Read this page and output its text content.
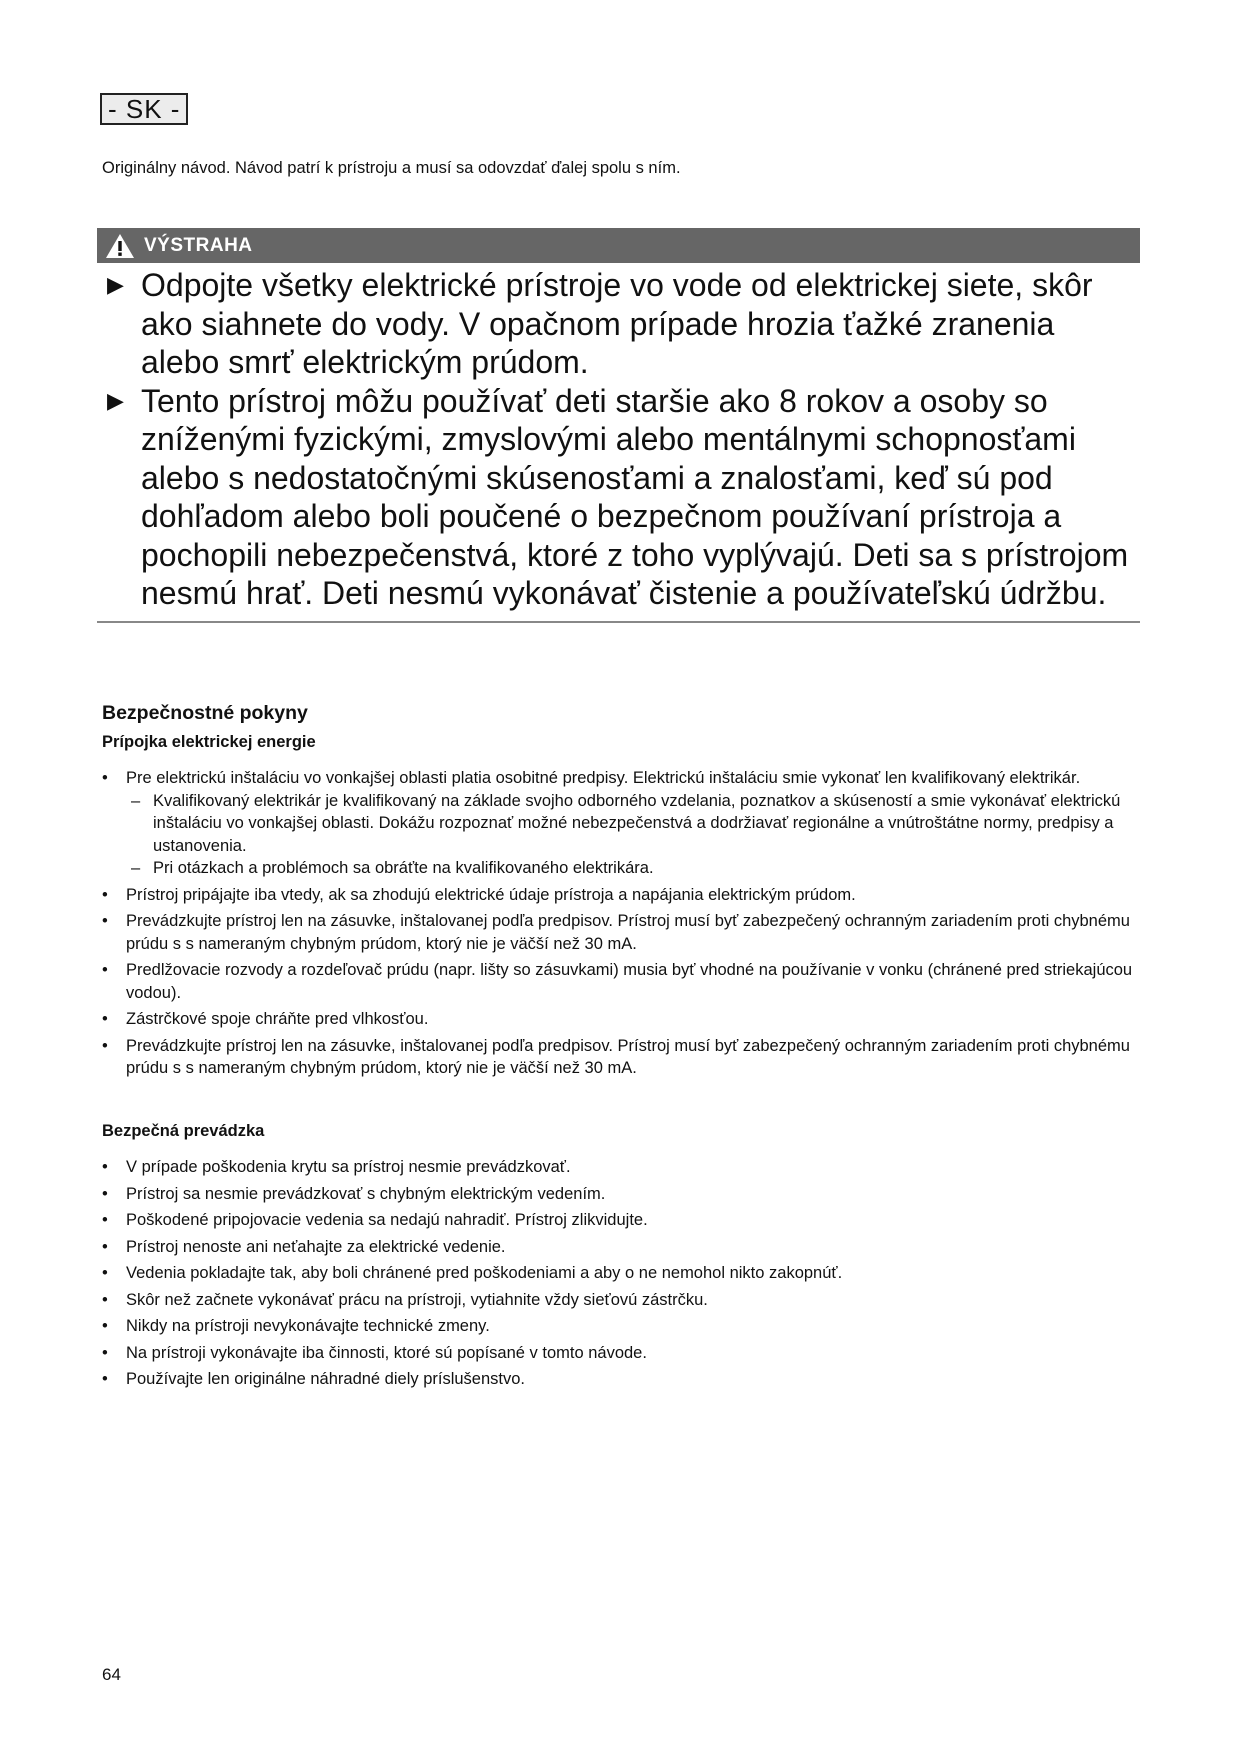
- SK -
Originálny návod. Návod patrí k prístroju a musí sa odovzdať ďalej spolu s ním.
VÝSTRAHA
▶ Odpojte všetky elektrické prístroje vo vode od elektrickej siete, skôr ako siahnete do vody. V opačnom prípade hrozia ťažké zranenia alebo smrť elektrickým prúdom.
▶ Tento prístroj môžu používať deti staršie ako 8 rokov a osoby so zníženými fyzickými, zmyslovými alebo mentálnymi schopnosťami alebo s nedostatočnými skúsenosťami a znalosťami, keď sú pod dohľadom alebo boli poučené o bezpečnom používaní prístroja a pochopili nebezpečenstvá, ktoré z toho vyplývajú. Deti sa s prístrojom nesmú hrať. Deti nesmú vykonávať čistenie a používateľskú údržbu.
Bezpečnostné pokyny
Prípojka elektrickej energie
• Pre elektrickú inštaláciu vo vonkajšej oblasti platia osobitné predpisy. Elektrickú inštaláciu smie vykonať len kvalifikovaný elektrikár.
– Kvalifikovaný elektrikár je kvalifikovaný na základe svojho odborného vzdelania, poznatkov a skúseností a smie vykonávať elektrickú inštaláciu vo vonkajšej oblasti. Dokážu rozpoznať možné nebezpečenstvá a dodržiavať regionálne a vnútroštátne normy, predpisy a ustanovenia.
– Pri otázkach a problémoch sa obráťte na kvalifikovaného elektrikára.
• Prístroj pripájajte iba vtedy, ak sa zhodujú elektrické údaje prístroja a napájania elektrickým prúdom.
• Prevádzkujte prístroj len na zásuvke, inštalovanej podľa predpisov. Prístroj musí byť zabezpečený ochranným zariadením proti chybnému prúdu s s nameraným chybným prúdom, ktorý nie je väčší než 30 mA.
• Predlžovacie rozvody a rozdeľovač prúdu (napr. lišty so zásuvkami) musia byť vhodné na používanie v vonku (chránené pred striekajúcou vodou).
• Zástrčkové spoje chráňte pred vlhkosťou.
• Prevádzkujte prístroj len na zásuvke, inštalovanej podľa predpisov. Prístroj musí byť zabezpečený ochranným zariadením proti chybnému prúdu s s nameraným chybným prúdom, ktorý nie je väčší než 30 mA.
Bezpečná prevádzka
• V prípade poškodenia krytu sa prístroj nesmie prevádzkovať.
• Prístroj sa nesmie prevádzkovať s chybným elektrickým vedením.
• Poškodené pripojovacie vedenia sa nedajú nahradiť. Prístroj zlikvidujte.
• Prístroj nenoste ani neťahajte za elektrické vedenie.
• Vedenia pokladajte tak, aby boli chránené pred poškodeniami a aby o ne nemohol nikto zakopnúť.
• Skôr než začnete vykonávať prácu na prístroji, vytiahnite vždy sieťovú zástrčku.
• Nikdy na prístroji nevykonávajte technické zmeny.
• Na prístroji vykonávajte iba činnosti, ktoré sú popísané v tomto návode.
• Používajte len originálne náhradné diely príslušenstvo.
64
